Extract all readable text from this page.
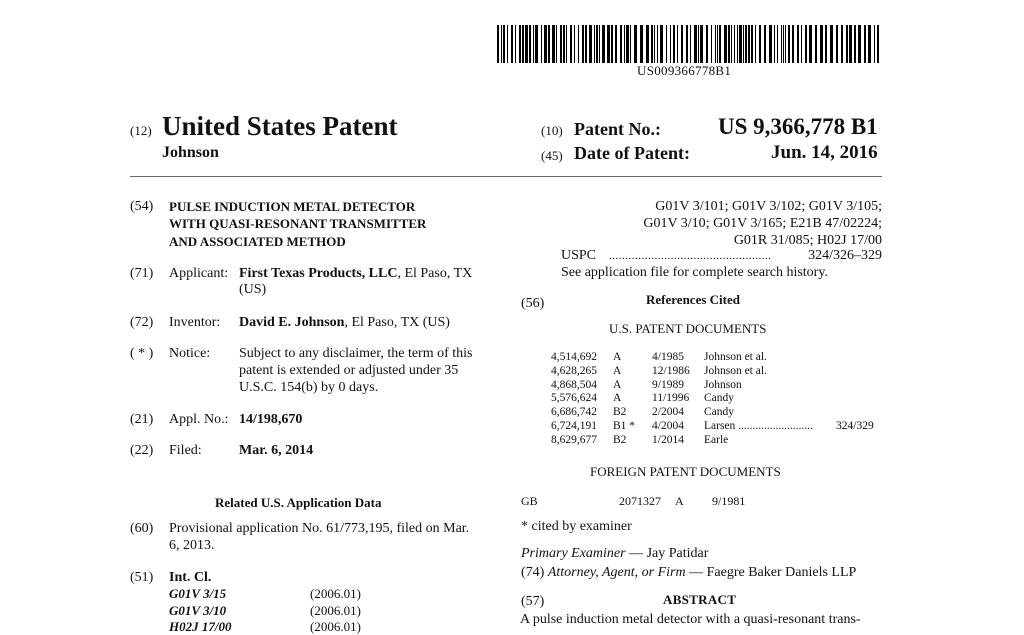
US009366778B1
(12) United States Patent
Johnson
(10) Patent No.: US 9,366,778 B1
(45) Date of Patent:	Jun. 14, 2016
(54) PULSE INDUCTION METAL DETECTOR
WITH QUASI-RESONANT TRANSMITTER
AND ASSOCIATED METHOD
(71) Applicant: First Texas Products, LLC, El Paso, TX
(US)
(72) Inventor: David E. Johnson, El Paso, TX (US)
( * ) Notice: Subject to any disclaimer, the term of this
patent is extended or adjusted under 35
U.S.C. 154(b) by 0 days.
(21) Appl. No.: 14/198,670
(22) Filed:	Mar. 6, 2014
Related U.S. Application Data
(60) Provisional application No. 61/773,195, filed on Mar.
6, 2013.
(51) Int. Cl.
G01V 3/15	(2006.01)
G01V 3/10	(2006.01)
H02J 17/00	(2006.01)
G01V 3/101; G01V 3/102; G01V 3/105;
G01V 3/10; G01V 3/165; E21B 47/02224;
G01R 31/085; H02J 17/00
USPC ..................................................	324/326–329
See application file for complete search history.
(56)	References Cited
U.S. PATENT DOCUMENTS
4,514,692 A	4/1985 Johnson et al.
4,628,265 A	12/1986 Johnson et al.
4,868,504 A	9/1989 Johnson
5,576,624 A	11/1996 Candy
6,686,742 B2 2/2004 Candy
6,724,191 B1 * 4/2004 Larsen .......................... 324/329
8,629,677 B2 1/2014 Earle
FOREIGN PATENT DOCUMENTS
GB	2071327 A 9/1981
* cited by examiner
Primary Examiner — Jay Patidar
(74) Attorney, Agent, or Firm — Faegre Baker Daniels LLP
(57)	ABSTRACT
A pulse induction metal detector with a quasi-resonant trans-
